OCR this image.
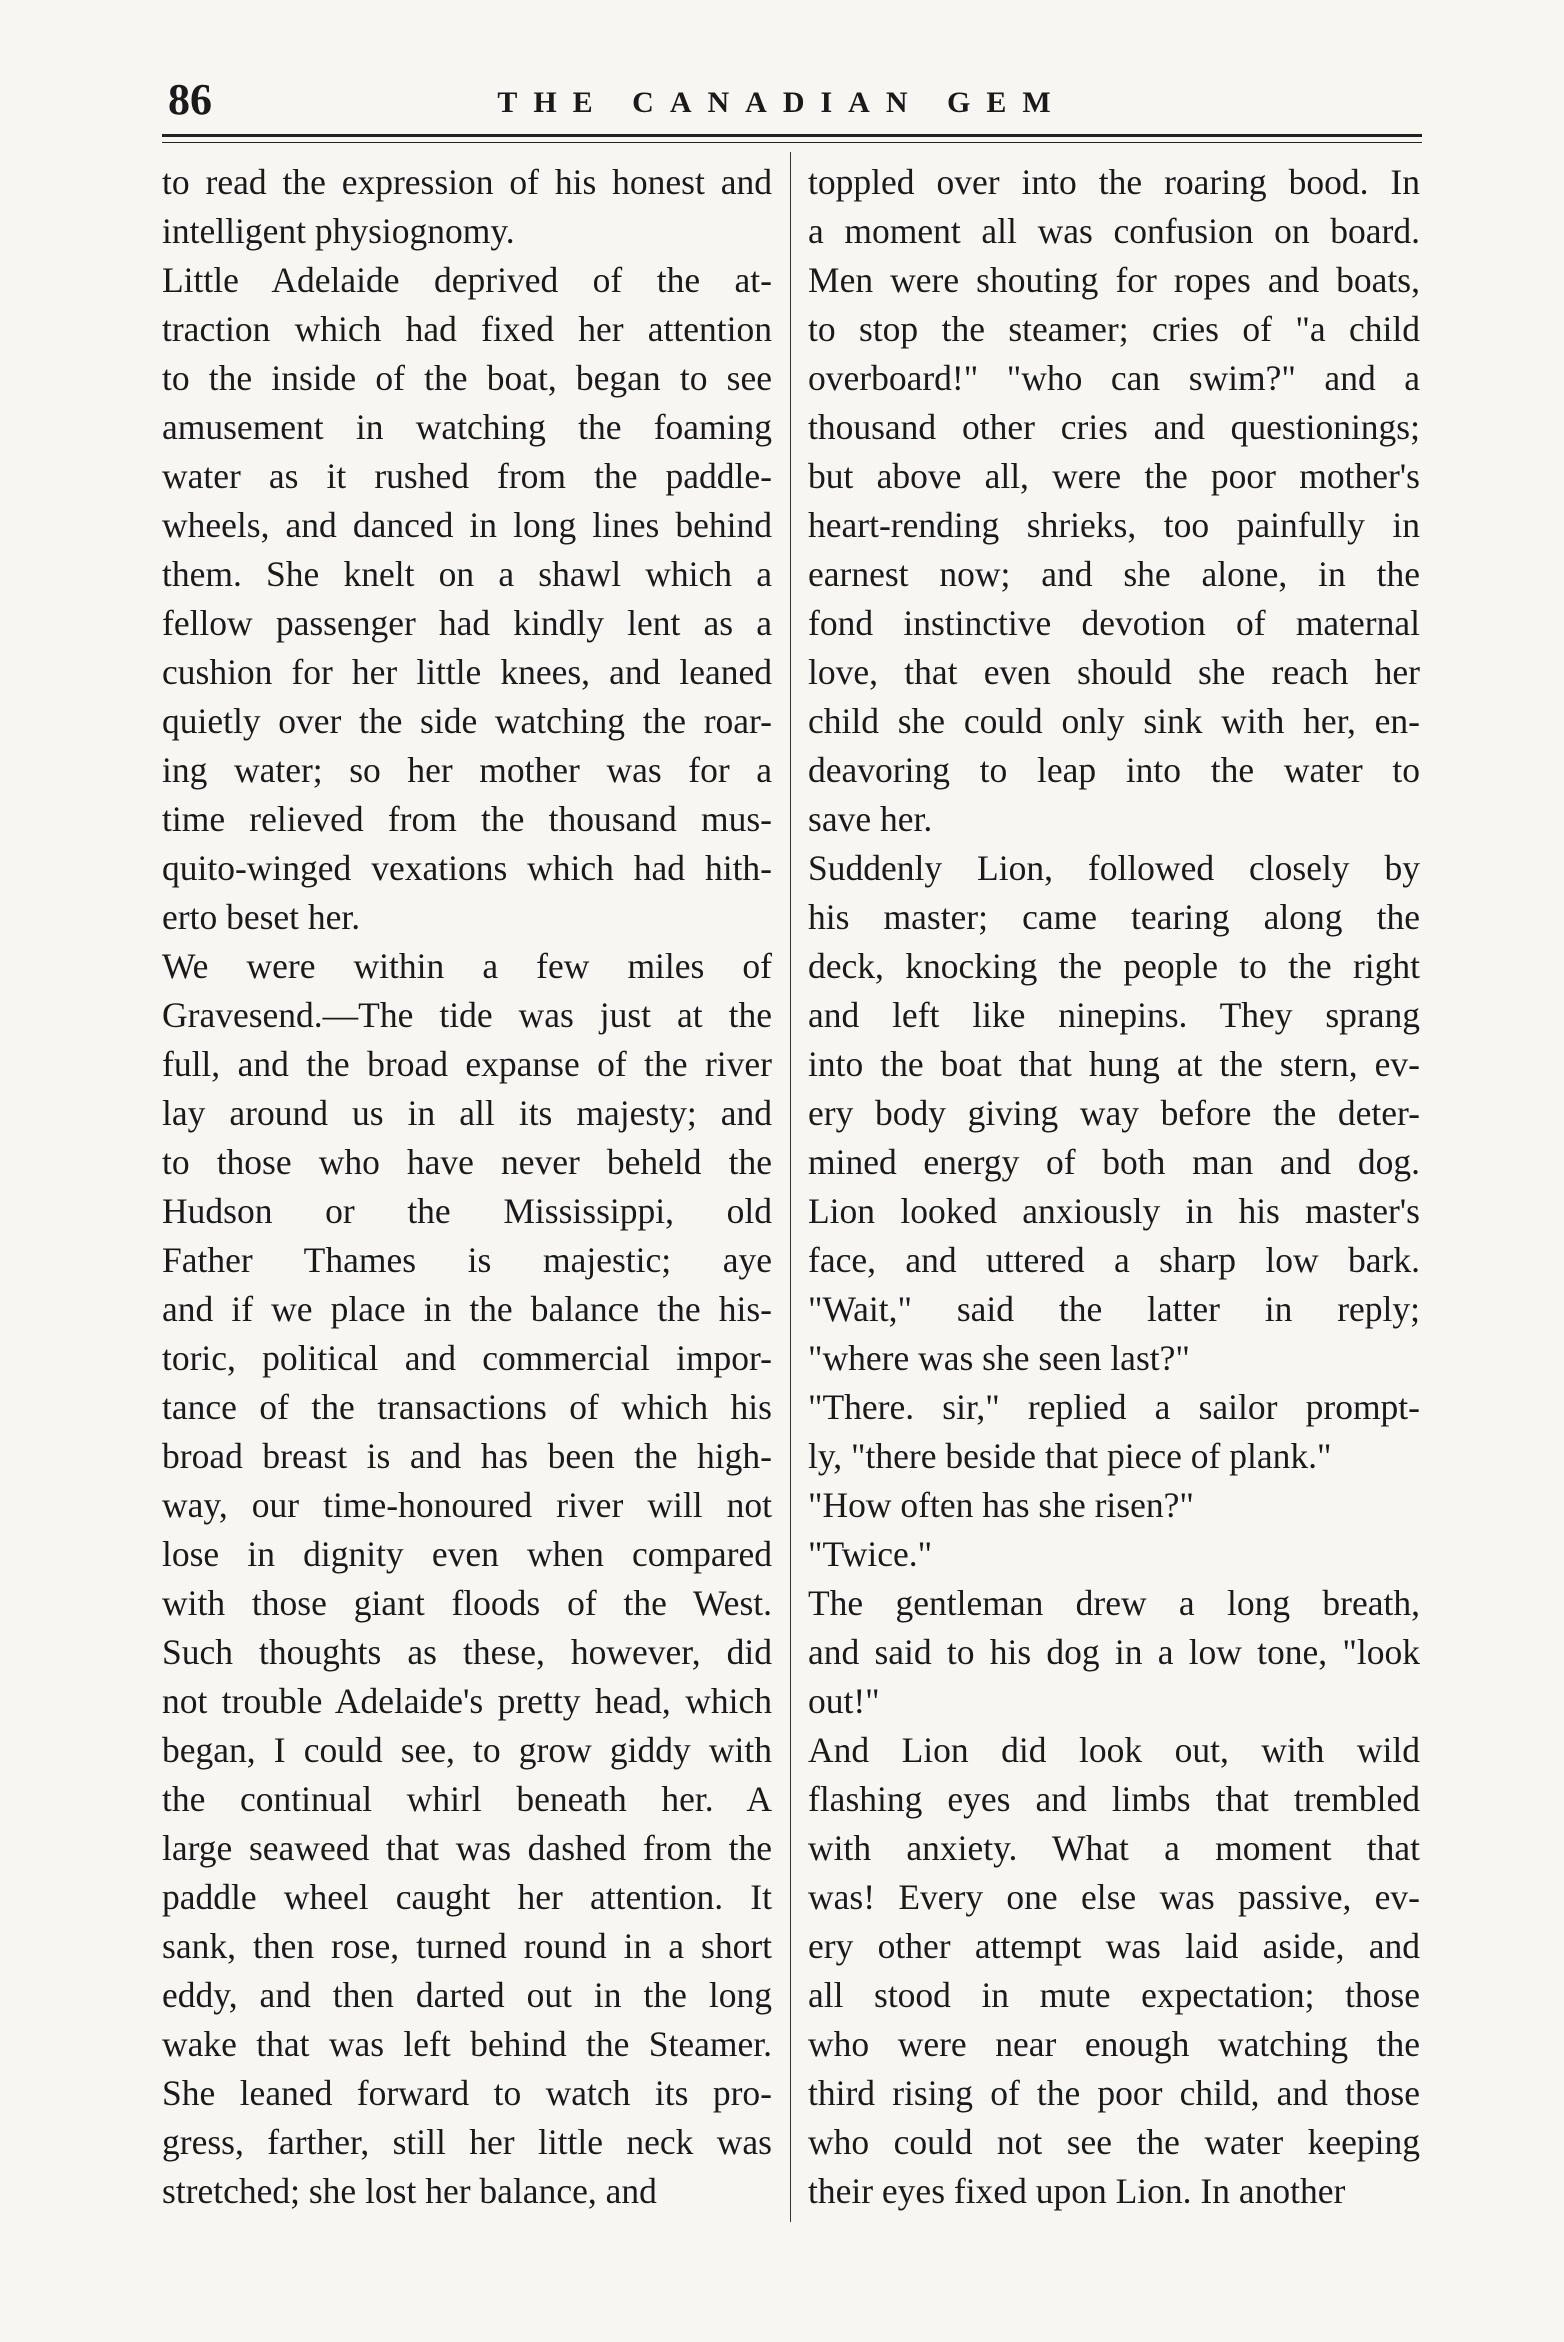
86	THE CANADIAN GEM
to read the expression of his honest and
intelligent physiognomy.
Little Adelaide deprived of the at-
traction which had fixed her attention
to the inside of the boat, began to see
amusement in watching the foaming
water as it rushed from the paddle-
wheels, and danced in long lines behind
them. She knelt on a shawl which a
fellow passenger had kindly lent as a
cushion for her little knees, and leaned
quietly over the side watching the roar-
ing water; so her mother was for a
time relieved from the thousand mus-
quito-winged vexations which had hith-
erto beset her.
We were within a few miles of
Gravesend.—The tide was just at the
full, and the broad expanse of the river
lay around us in all its majesty; and
to those who have never beheld the
Hudson or the Mississippi, old
Father Thames is majestic; aye
and if we place in the balance the his-
toric, political and commercial impor-
tance of the transactions of which his
broad breast is and has been the high-
way, our time-honoured river will not
lose in dignity even when compared
with those giant floods of the West.
Such thoughts as these, however, did
not trouble Adelaide's pretty head, which
began, I could see, to grow giddy with
the continual whirl beneath her. A
large seaweed that was dashed from the
paddle wheel caught her attention. It
sank, then rose, turned round in a short
eddy, and then darted out in the long
wake that was left behind the Steamer.
She leaned forward to watch its pro-
gress, farther, still her little neck was
stretched; she lost her balance, and
toppled over into the roaring bood. In
a moment all was confusion on board.
Men were shouting for ropes and boats,
to stop the steamer; cries of "a child
overboard!" "who can swim?" and a
thousand other cries and questionings;
but above all, were the poor mother's
heart-rending shrieks, too painfully in
earnest now; and she alone, in the
fond instinctive devotion of maternal
love, that even should she reach her
child she could only sink with her, en-
deavoring to leap into the water to
save her.
Suddenly Lion, followed closely by
his master; came tearing along the
deck, knocking the people to the right
and left like ninepins. They sprang
into the boat that hung at the stern, ev-
ery body giving way before the deter-
mined energy of both man and dog.
Lion looked anxiously in his master's
face, and uttered a sharp low bark.
"Wait," said the latter in reply;
"where was she seen last?"
"There. sir," replied a sailor prompt-
ly, "there beside that piece of plank."
"How often has she risen?"
"Twice."
The gentleman drew a long breath,
and said to his dog in a low tone, "look
out!"
And Lion did look out, with wild
flashing eyes and limbs that trembled
with anxiety. What a moment that
was! Every one else was passive, ev-
ery other attempt was laid aside, and
all stood in mute expectation; those
who were near enough watching the
third rising of the poor child, and those
who could not see the water keeping
their eyes fixed upon Lion. In another
